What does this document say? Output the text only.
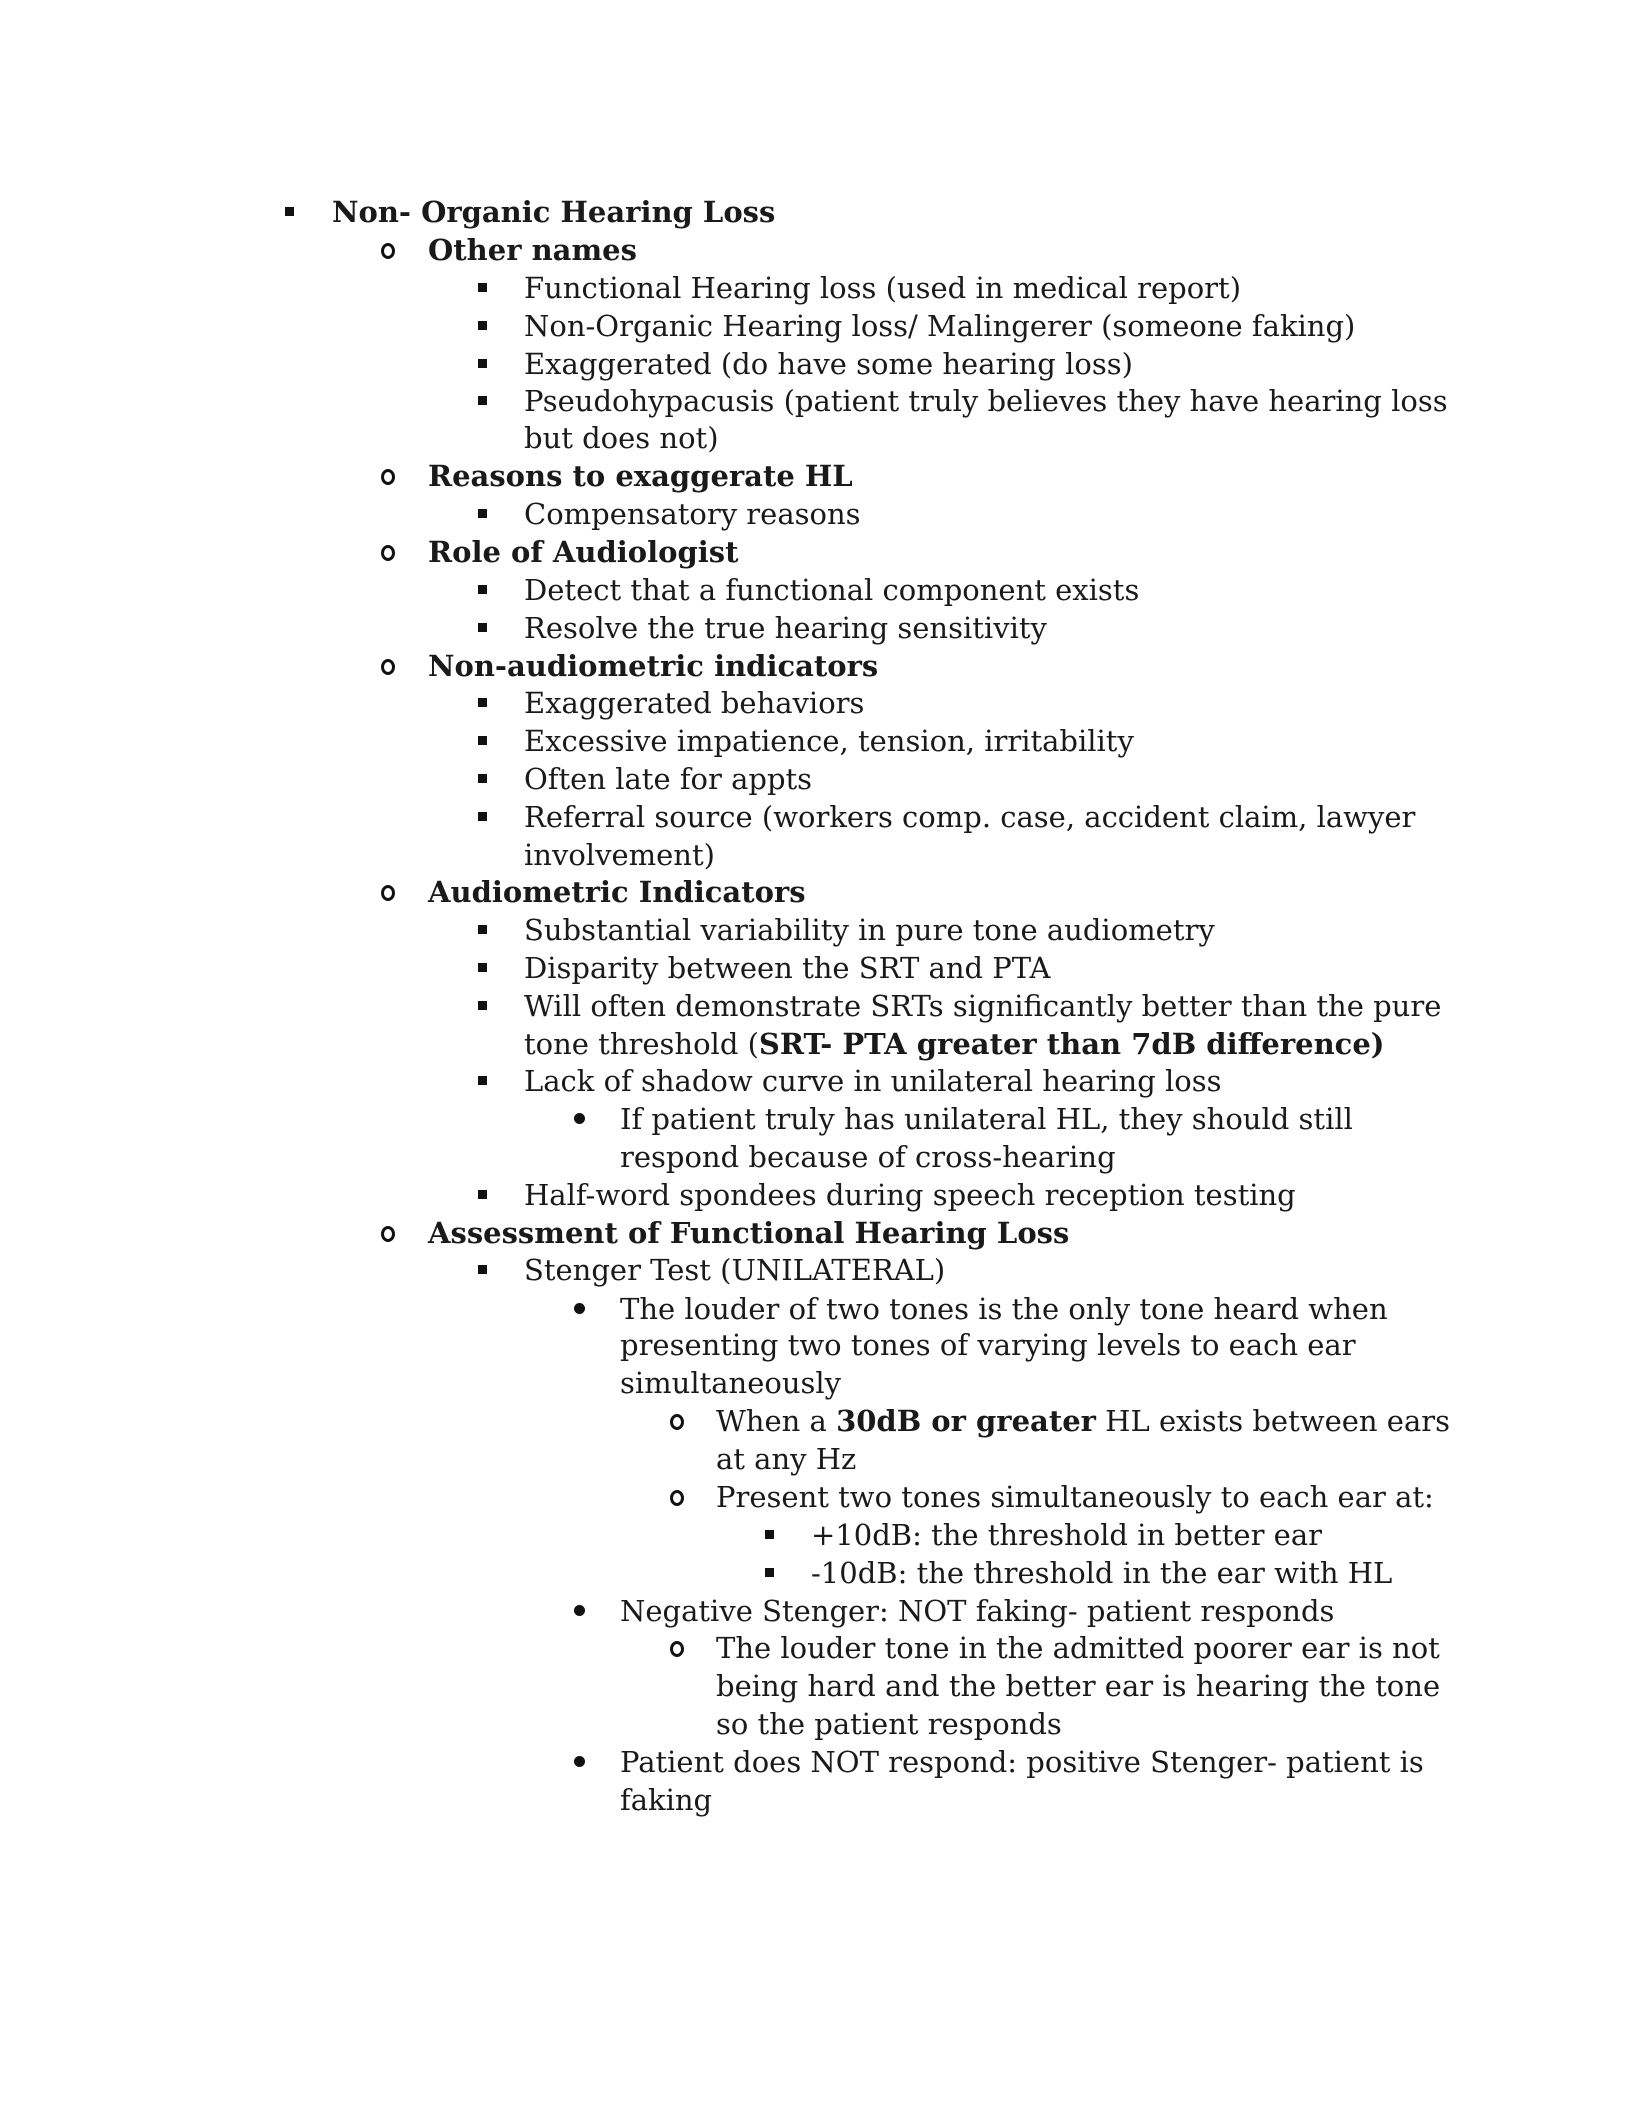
Non- Organic Hearing Loss
Other names
Functional Hearing loss (used in medical report)
Non-Organic Hearing loss/ Malingerer (someone faking)
Exaggerated (do have some hearing loss)
Pseudohypacusis (patient truly believes they have hearing loss
but does not)
Reasons to exaggerate HL
Compensatory reasons
Role of Audiologist
Detect that a functional component exists
Resolve the true hearing sensitivity
Non-audiometric indicators
Exaggerated behaviors
Excessive impatience, tension, irritability
Often late for appts
Referral source (workers comp. case, accident claim, lawyer
involvement)
Audiometric Indicators
Substantial variability in pure tone audiometry
Disparity between the SRT and PTA
Will often demonstrate SRTs significantly better than the pure
tone threshold (SRT- PTA greater than 7dB difference)
Lack of shadow curve in unilateral hearing loss
If patient truly has unilateral HL, they should still
respond because of cross-hearing
Half-word spondees during speech reception testing
Assessment of Functional Hearing Loss
Stenger Test (UNILATERAL)
The louder of two tones is the only tone heard when
presenting two tones of varying levels to each ear
simultaneously
When a 30dB or greater HL exists between ears
at any Hz
Present two tones simultaneously to each ear at:
+10dB: the threshold in better ear
-10dB: the threshold in the ear with HL
Negative Stenger: NOT faking- patient responds
The louder tone in the admitted poorer ear is not
being hard and the better ear is hearing the tone
so the patient responds
Patient does NOT respond: positive Stenger- patient is
faking
